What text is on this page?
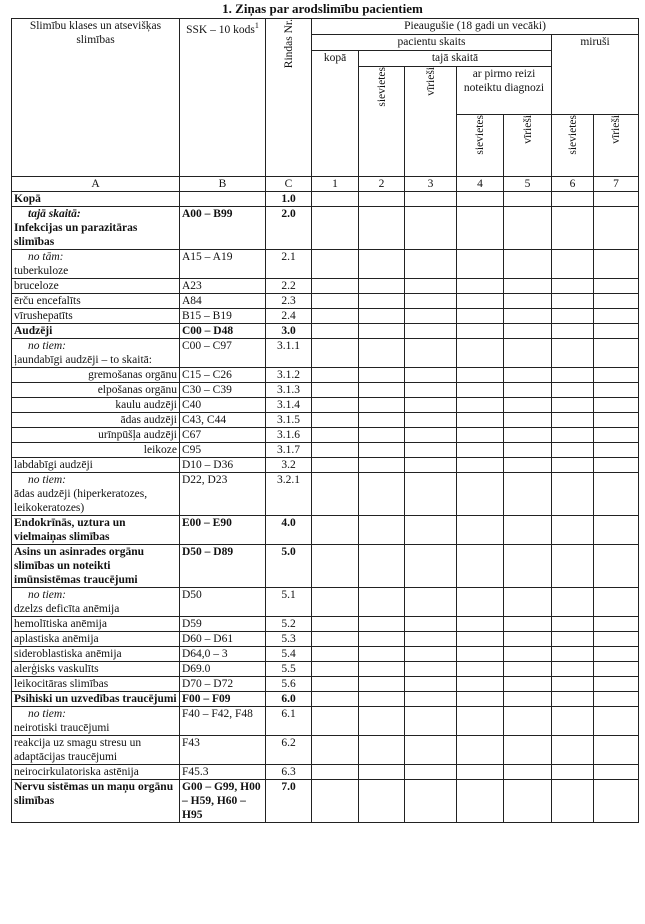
1. Ziņas par arodslimību pacientiem
Slimību klases un atsevišķas slimības	SSK – 10 kods$^1$	Rindas Nr.	Pieaugušie (18 gadi un vecāki)						
			pacientu skaits					miruši	
			kopā	tajā skaitā					
				sievietes	vīrieši	ar pirmo reizi noteiktu diagnozi			
						sievietes	vīrieši	sievietes	vīrieši
A	B	C	1	2	3	4	5	6	7
Kopā		1.0							

tajā skaitā:
Infekcijas un parazitāras slimības	A00 – B99	2.0							

no tām:
tuberkuloze	A15 – A19	2.1							
bruceloze	A23	2.2							
ērču encefalīts	A84	2.3							
vīrushepatīts	B15 – B19	2.4							
Audzēji	C00 – D48	3.0							

no tiem:
ļaundabīgi audzēji – to skaitā:	C00 – C97	3.1.1							
gremošanas orgānu	C15 – C26	3.1.2							
elpošanas orgānu	C30 – C39	3.1.3							
kaulu audzēji	C40	3.1.4							
ādas audzēji	C43, C44	3.1.5							
urīnpūšļa audzēji	C67	3.1.6							
leikoze	C95	3.1.7							
labdabīgi audzēji	D10 – D36	3.2							

no tiem:
ādas audzēji (hiperkeratozes, leikokeratozes)	D22, D23	3.2.1							
Endokrīnās, uztura un vielmaiņas slimības	E00 – E90	4.0							
Asins un asinrades orgānu slimības un noteikti imūnsistēmas traucējumi	D50 – D89	5.0							

no tiem:
dzelzs deficīta anēmija	D50	5.1							
hemolītiska anēmija	D59	5.2							
aplastiska anēmija	D60 – D61	5.3							
sideroblastiska anēmija	D64,0 – 3	5.4							
alerģisks vaskulīts	D69.0	5.5							
leikocitāras slimības	D70 – D72	5.6							
Psihiski un uzvedības traucējumi	F00 – F09	6.0							

no tiem:
neirotiski traucējumi	F40 – F42, F48	6.1							
reakcija uz smagu stresu un adaptācijas traucējumi	F43	6.2							
neirocirkulatoriska astēnija	F45.3	6.3							
Nervu sistēmas un maņu orgānu slimības	G00 – G99, H00 – H59, H60 – H95	7.0							
